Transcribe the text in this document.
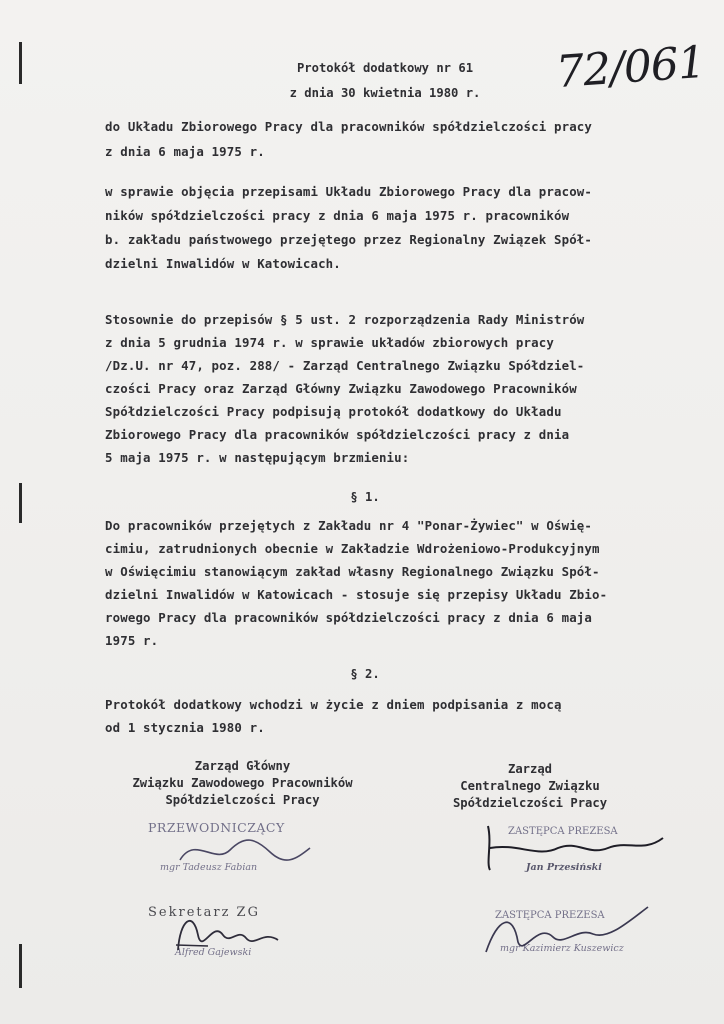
72/061
Protokół dodatkowy nr 61
z dnia 30 kwietnia 1980 r.
do Układu Zbiorowego Pracy dla pracowników spółdzielczości pracy
z dnia 6 maja 1975 r.
w sprawie objęcia przepisami Układu Zbiorowego Pracy dla pracow-
ników spółdzielczości pracy z dnia 6 maja 1975 r. pracowników
b. zakładu państwowego przejętego przez Regionalny Związek Spół-
dzielni Inwalidów w Katowicach.
Stosownie do przepisów § 5 ust. 2 rozporządzenia Rady Ministrów
z dnia 5 grudnia 1974 r. w sprawie układów zbiorowych pracy
/Dz.U. nr 47, poz. 288/ - Zarząd Centralnego Związku Spółdziel-
czości Pracy oraz Zarząd Główny Związku Zawodowego Pracowników
Spółdzielczości Pracy podpisują protokół dodatkowy do Układu
Zbiorowego Pracy dla pracowników spółdzielczości pracy z dnia
5 maja 1975 r. w następującym brzmieniu:
§ 1.
Do pracowników przejętych z Zakładu nr 4 "Ponar-Żywiec" w Oświę-
cimiu, zatrudnionych obecnie w Zakładzie Wdrożeniowo-Produkcyjnym
w Oświęcimiu stanowiącym zakład własny Regionalnego Związku Spół-
dzielni Inwalidów w Katowicach - stosuje się przepisy Układu Zbio-
rowego Pracy dla pracowników spółdzielczości pracy z dnia 6 maja
1975 r.
§ 2.
Protokół dodatkowy wchodzi w życie z dniem podpisania z mocą
od 1 stycznia 1980 r.
Zarząd Główny
Związku Zawodowego Pracowników
Spółdzielczości Pracy
Zarząd
Centralnego Związku
Spółdzielczości Pracy
PRZEWODNICZĄCY
mgr Tadeusz Fabian
Sekretarz ZG
Alfred Gajewski
ZASTĘPCA PREZESA
Jan Przesiński
ZASTĘPCA PREZESA
mgr Kazimierz Kuszewicz
